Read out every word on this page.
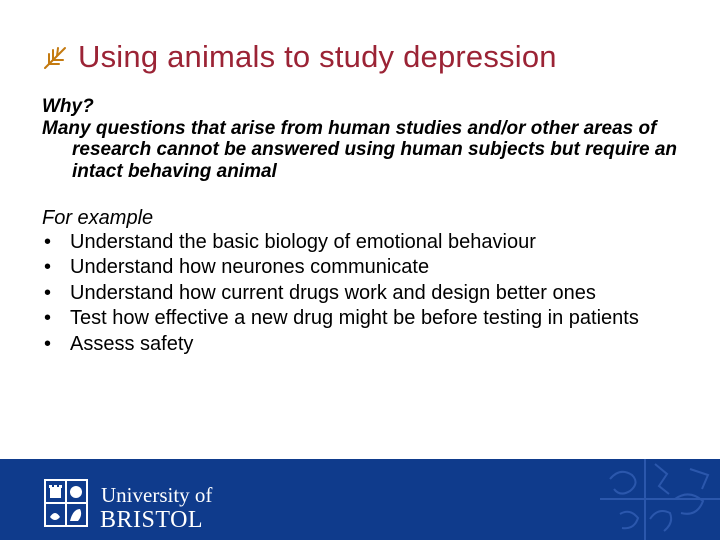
Using animals to study depression
Why?
Many questions that arise from human studies and/or other areas of research cannot be answered using human subjects but require an intact behaving animal
For example
• Understand the basic biology of emotional behaviour
• Understand how neurones communicate
• Understand how current drugs work and design better ones
• Test how effective a new drug might be before testing in patients
• Assess safety
University of
BRISTOL
